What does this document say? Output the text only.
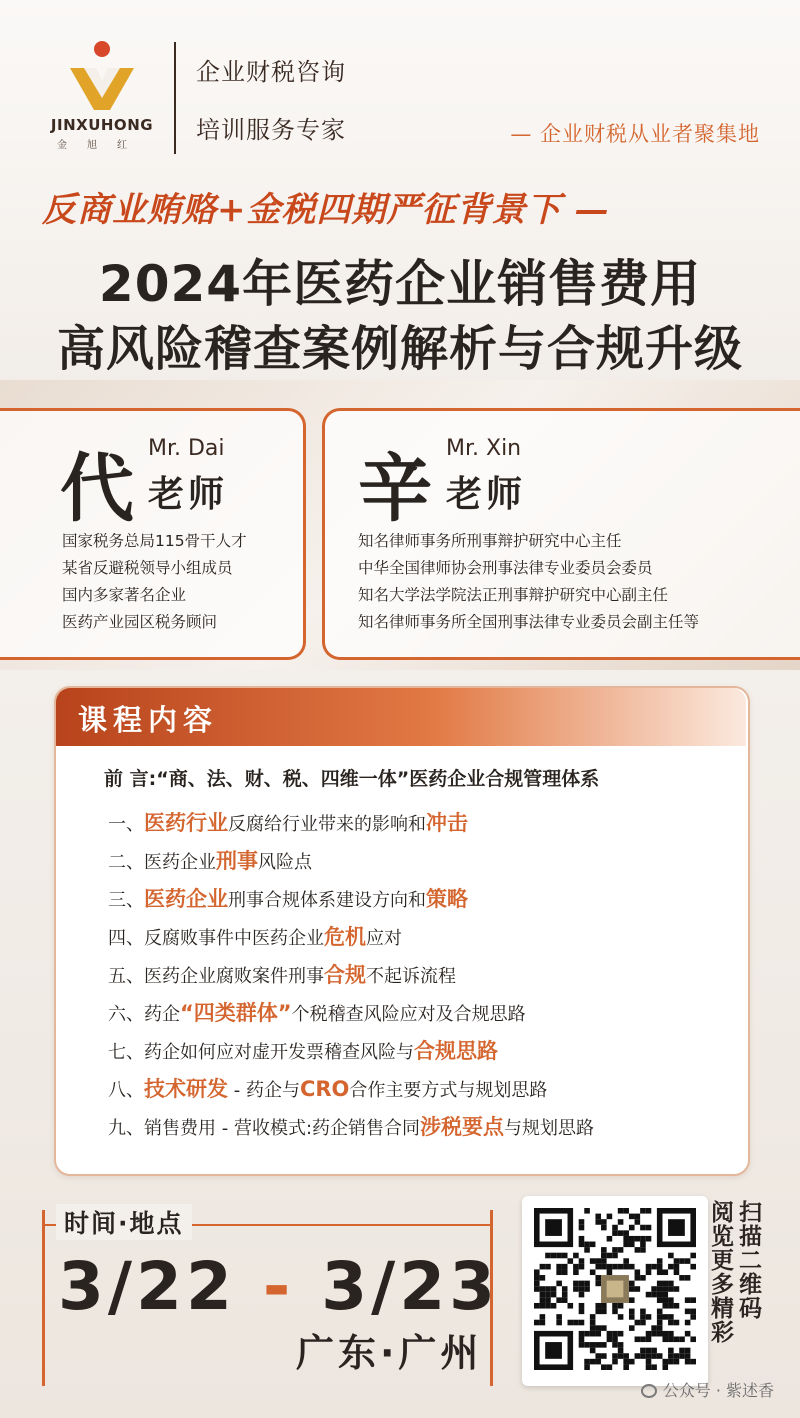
JINXUHONG
金旭红
企业财税咨询
培训服务专家	— 企业财税从业者聚集地
反商业贿赂+金税四期严征背景下 —
2024年医药企业销售费用
高风险稽查案例解析与合规升级
代 Mr. Dai
老师
国家税务总局115骨干人才
某省反避税领导小组成员
国内多家著名企业
医药产业园区税务顾问
辛 Mr. Xin
老师
知名律师事务所刑事辩护研究中心主任
中华全国律师协会刑事法律专业委员会委员
知名大学法学院法正刑事辩护研究中心副主任
知名律师事务所全国刑事法律专业委员会副主任等
课程内容
前 言:“商、法、财、税、四维一体”医药企业合规管理体系
一、医药行业反腐给行业带来的影响和冲击
二、医药企业刑事风险点
三、医药企业刑事合规体系建设方向和策略
四、反腐败事件中医药企业危机应对
五、医药企业腐败案件刑事合规不起诉流程
六、药企“四类群体”个税稽查风险应对及合规思路
七、药企如何应对虚开发票稽查风险与合规思路
八、技术研发 - 药企与CRO合作主要方式与规划思路
九、销售费用 - 营收模式:药企销售合同涉税要点与规划思路
时间·地点
3/22 - 3/23
广东·广州
扫描二维码
阅览更多精彩
公众号 · 紫述香
